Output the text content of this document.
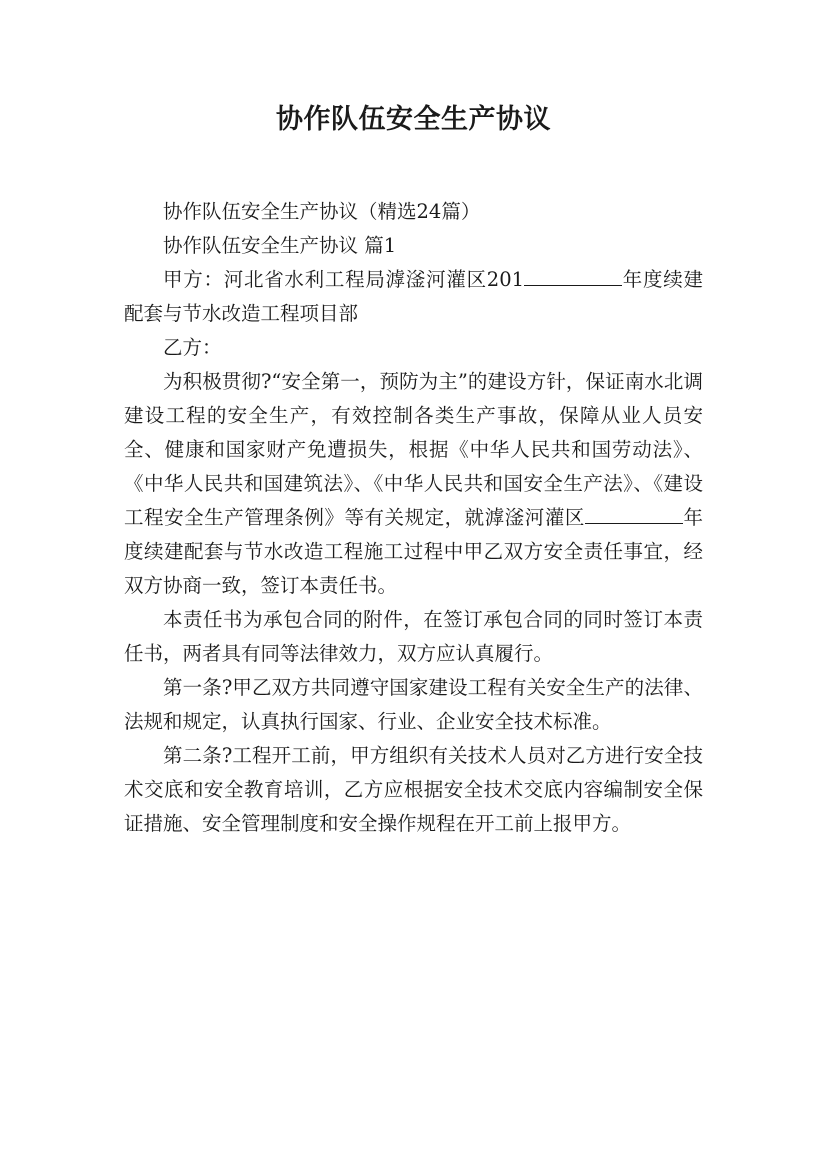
协作队伍安全生产协议

协作队伍安全生产协议（精选24篇）

协作队伍安全生产协议 篇1

甲方：河北省水利工程局滹滏河灌区201	年度续建配套与节水改造工程项目部

乙方：

为积极贯彻?“安全第一，预防为主”的建设方针，保证南水北调建设工程的安全生产，有效控制各类生产事故，保障从业人员安全、健康和国家财产免遭损失，根据《中华人民共和国劳动法》、《中华人民共和国建筑法》、《中华人民共和国安全生产法》、《建设工程安全生产管理条例》等有关规定，就滹滏河灌区	年度续建配套与节水改造工程施工过程中甲乙双方安全责任事宜，经双方协商一致，签订本责任书。

本责任书为承包合同的附件，在签订承包合同的同时签订本责任书，两者具有同等法律效力，双方应认真履行。

第一条?甲乙双方共同遵守国家建设工程有关安全生产的法律、法规和规定，认真执行国家、行业、企业安全技术标准。

第二条?工程开工前，甲方组织有关技术人员对乙方进行安全技术交底和安全教育培训，乙方应根据安全技术交底内容编制安全保证措施、安全管理制度和安全操作规程在开工前上报甲方。
